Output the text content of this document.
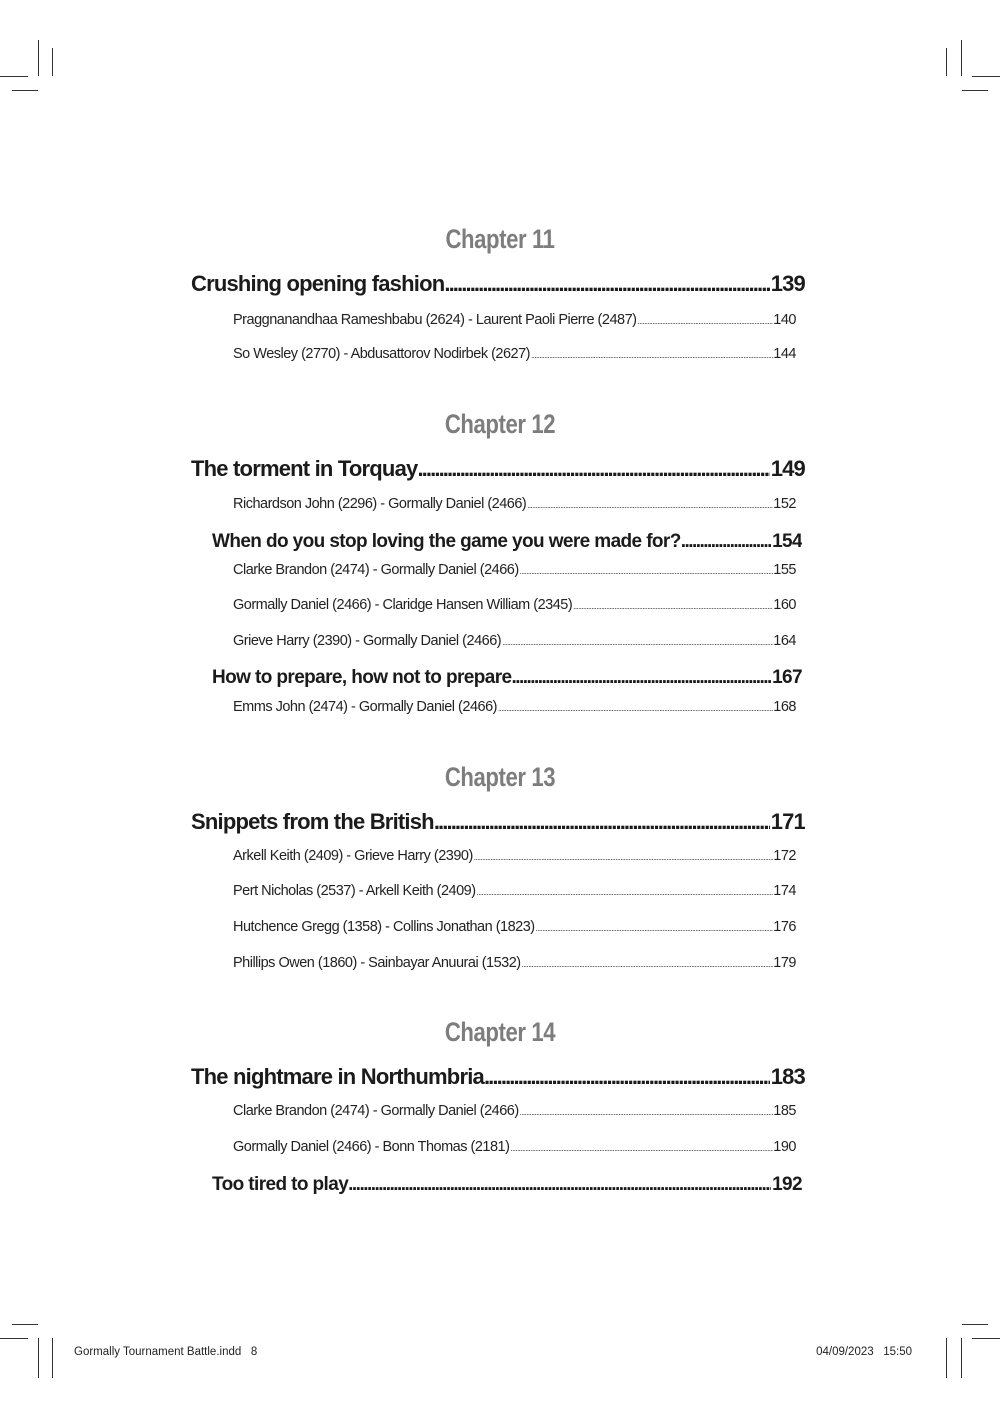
Chapter 11
Crushing opening fashion . . .	139
Praggnanandhaa Rameshbabu (2624) - Laurent Paoli Pierre (2487) . . .	140
So Wesley (2770) - Abdusattorov Nodirbek (2627) . . .	144
Chapter 12
The torment in Torquay . . .	149
Richardson John (2296) - Gormally Daniel (2466) . . .	152
When do you stop loving the game you were made for? . . .	154
Clarke Brandon (2474) - Gormally Daniel (2466) . . .	155
Gormally Daniel (2466) - Claridge Hansen William (2345) . . .	160
Grieve Harry (2390) - Gormally Daniel (2466) . . .	164
How to prepare, how not to prepare . . .	167
Emms John (2474) - Gormally Daniel (2466) . . .	168
Chapter 13
Snippets from the British . . .	171
Arkell Keith (2409) - Grieve Harry (2390) . . .	172
Pert Nicholas (2537) - Arkell Keith (2409) . . .	174
Hutchence Gregg (1358) - Collins Jonathan (1823) . . .	176
Phillips Owen (1860) - Sainbayar Anuurai (1532) . . .	179
Chapter 14
The nightmare in Northumbria . . .	183
Clarke Brandon (2474) - Gormally Daniel (2466) . . .	185
Gormally Daniel (2466) - Bonn Thomas (2181) . . .	190
Too tired to play . . .	192
Gormally Tournament Battle.indd   8	04/09/2023   15:50
